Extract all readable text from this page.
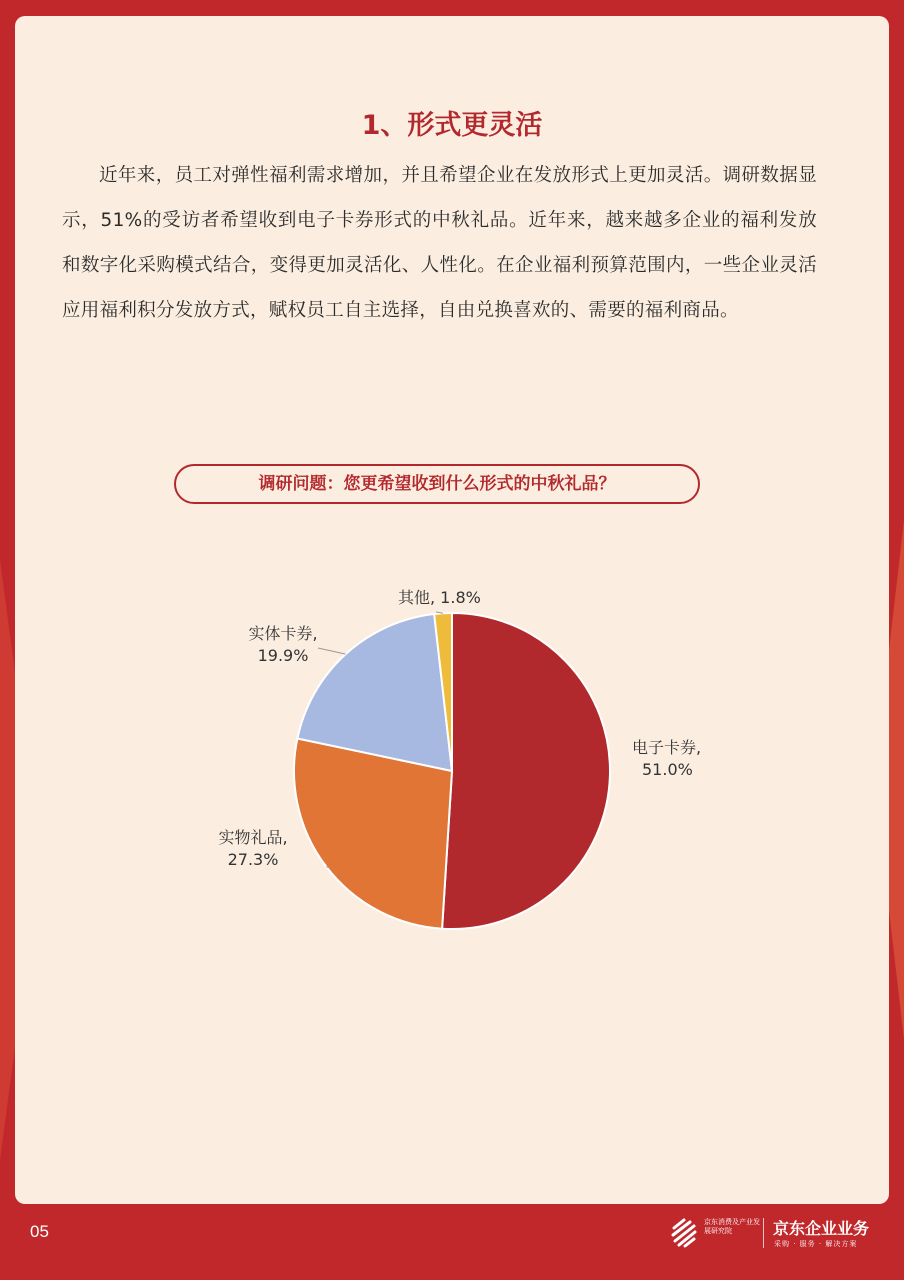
1、形式更灵活
近年来，员工对弹性福利需求增加，并且希望企业在发放形式上更加灵活。调研数据显示，51%的受访者希望收到电子卡券形式的中秋礼品。近年来，越来越多企业的福利发放和数字化采购模式结合，变得更加灵活化、人性化。在企业福利预算范围内，一些企业灵活应用福利积分发放方式，赋权员工自主选择，自由兑换喜欢的、需要的福利商品。
调研问题：您更希望收到什么形式的中秋礼品？
电子卡券, 51.0%
实物礼品, 27.3%
实体卡券, 19.9%
其他, 1.8%
05	京东消费及产业发展研究院	京东企业业务
采购 · 服务 · 解决方案
